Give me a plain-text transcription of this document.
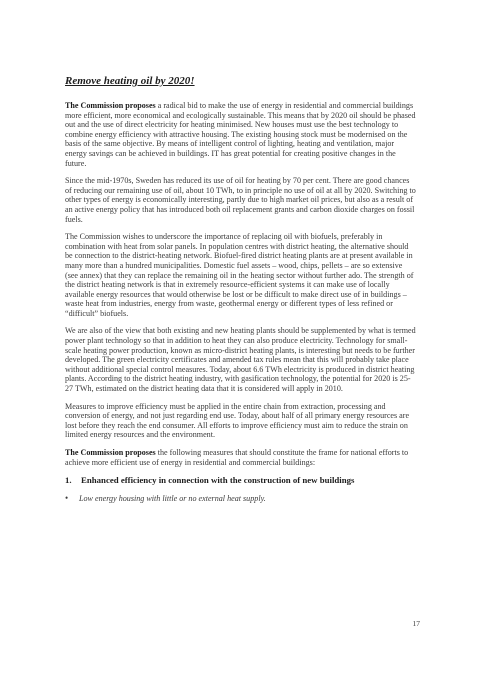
Remove heating oil by 2020!

The Commission proposes a radical bid to make the use of energy in residential and commercial buildings more efficient, more economical and ecologically sustainable. This means that by 2020 oil should be phased out and the use of direct electricity for heating minimised. New houses must use the best technology to combine energy efficiency with attractive housing. The existing housing stock must be modernised on the basis of the same objective. By means of intelligent control of lighting, heating and ventilation, major energy savings can be achieved in buildings. IT has great potential for creating positive changes in the future.

Since the mid-1970s, Sweden has reduced its use of oil for heating by 70 per cent. There are good chances of reducing our remaining use of oil, about 10 TWh, to in principle no use of oil at all by 2020. Switching to other types of energy is economically interesting, partly due to high market oil prices, but also as a result of an active energy policy that has introduced both oil replacement grants and carbon dioxide charges on fossil fuels.

The Commission wishes to underscore the importance of replacing oil with biofuels, preferably in combination with heat from solar panels. In population centres with district heating, the alternative should be connection to the district-heating network. Biofuel-fired district heating plants are at present available in many more than a hundred municipalities. Domestic fuel assets – wood, chips, pellets – are so extensive (see annex) that they can replace the remaining oil in the heating sector without further ado. The strength of the district heating network is that in extremely resource-efficient systems it can make use of locally available energy resources that would otherwise be lost or be difficult to make direct use of in buildings – waste heat from industries, energy from waste, geothermal energy or different types of less refined or “difficult” biofuels.

We are also of the view that both existing and new heating plants should be supplemented by what is termed power plant technology so that in addition to heat they can also produce electricity. Technology for small-scale heating power production, known as micro-district heating plants, is interesting but needs to be further developed. The green electricity certificates and amended tax rules mean that this will probably take place without additional special control measures. Today, about 6.6 TWh electricity is produced in district heating plants. According to the district heating industry, with gasification technology, the potential for 2020 is 25-27 TWh, estimated on the district heating data that it is considered will apply in 2010.

Measures to improve efficiency must be applied in the entire chain from extraction, processing and conversion of energy, and not just regarding end use. Today, about half of all primary energy resources are lost before they reach the end consumer. All efforts to improve efficiency must aim to reduce the strain on limited energy resources and the environment.

The Commission proposes the following measures that should constitute the frame for national efforts to achieve more efficient use of energy in residential and commercial buildings:

1. Enhanced efficiency in connection with the construction of new buildings
• Low energy housing with little or no external heat supply.
17
